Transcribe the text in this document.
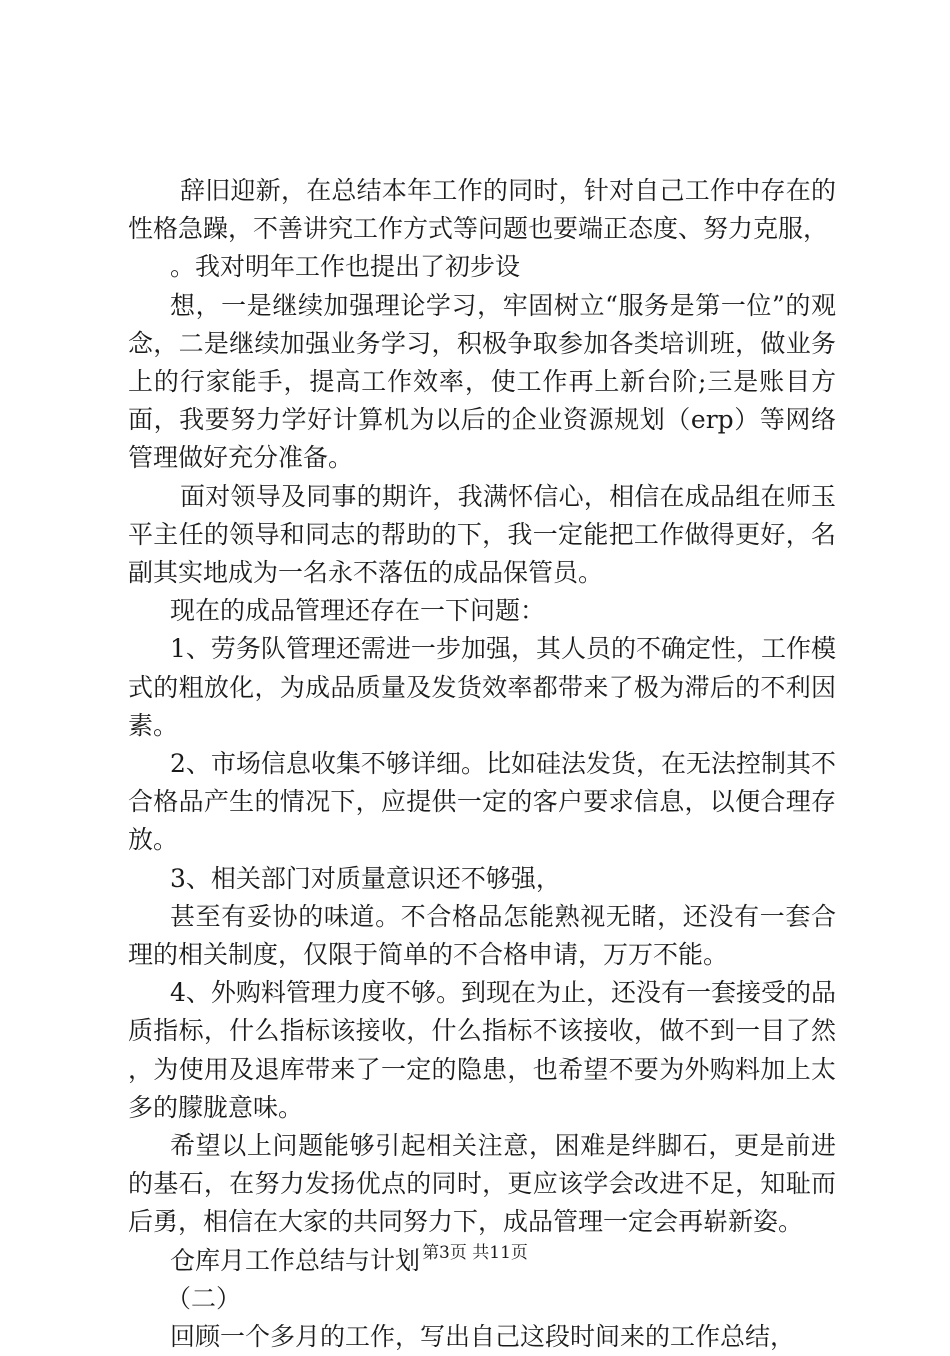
辞旧迎新，在总结本年工作的同时，针对自己工作中存在的性格急躁，不善讲究工作方式等问题也要端正态度、努力克服，

。我对明年工作也提出了初步设

想，一是继续加强理论学习，牢固树立“服务是第一位”的观念，二是继续加强业务学习，积极争取参加各类培训班，做业务上的行家能手，提高工作效率，使工作再上新台阶;三是账目方面，我要努力学好计算机为以后的企业资源规划（erp）等网络管理做好充分准备。

面对领导及同事的期许，我满怀信心，相信在成品组在师玉平主任的领导和同志的帮助的下，我一定能把工作做得更好，名副其实地成为一名永不落伍的成品保管员。

现在的成品管理还存在一下问题：

1、劳务队管理还需进一步加强，其人员的不确定性，工作模式的粗放化，为成品质量及发货效率都带来了极为滞后的不利因素。

2、市场信息收集不够详细。比如硅法发货，在无法控制其不合格品产生的情况下，应提供一定的客户要求信息，以便合理存放。

3、相关部门对质量意识还不够强，

甚至有妥协的味道。不合格品怎能熟视无睹，还没有一套合理的相关制度，仅限于简单的不合格申请，万万不能。

4、外购料管理力度不够。到现在为止，还没有一套接受的品质指标，什么指标该接收，什么指标不该接收，做不到一目了然，为使用及退库带来了一定的隐患，也希望不要为外购料加上太多的朦胧意味。

希望以上问题能够引起相关注意，困难是绊脚石，更是前进的基石，在努力发扬优点的同时，更应该学会改进不足，知耻而后勇，相信在大家的共同努力下，成品管理一定会再崭新姿。

仓库月工作总结与计划

（二）

回顾一个多月的工作，写出自己这段时间来的工作总结，

第3页 共11页
